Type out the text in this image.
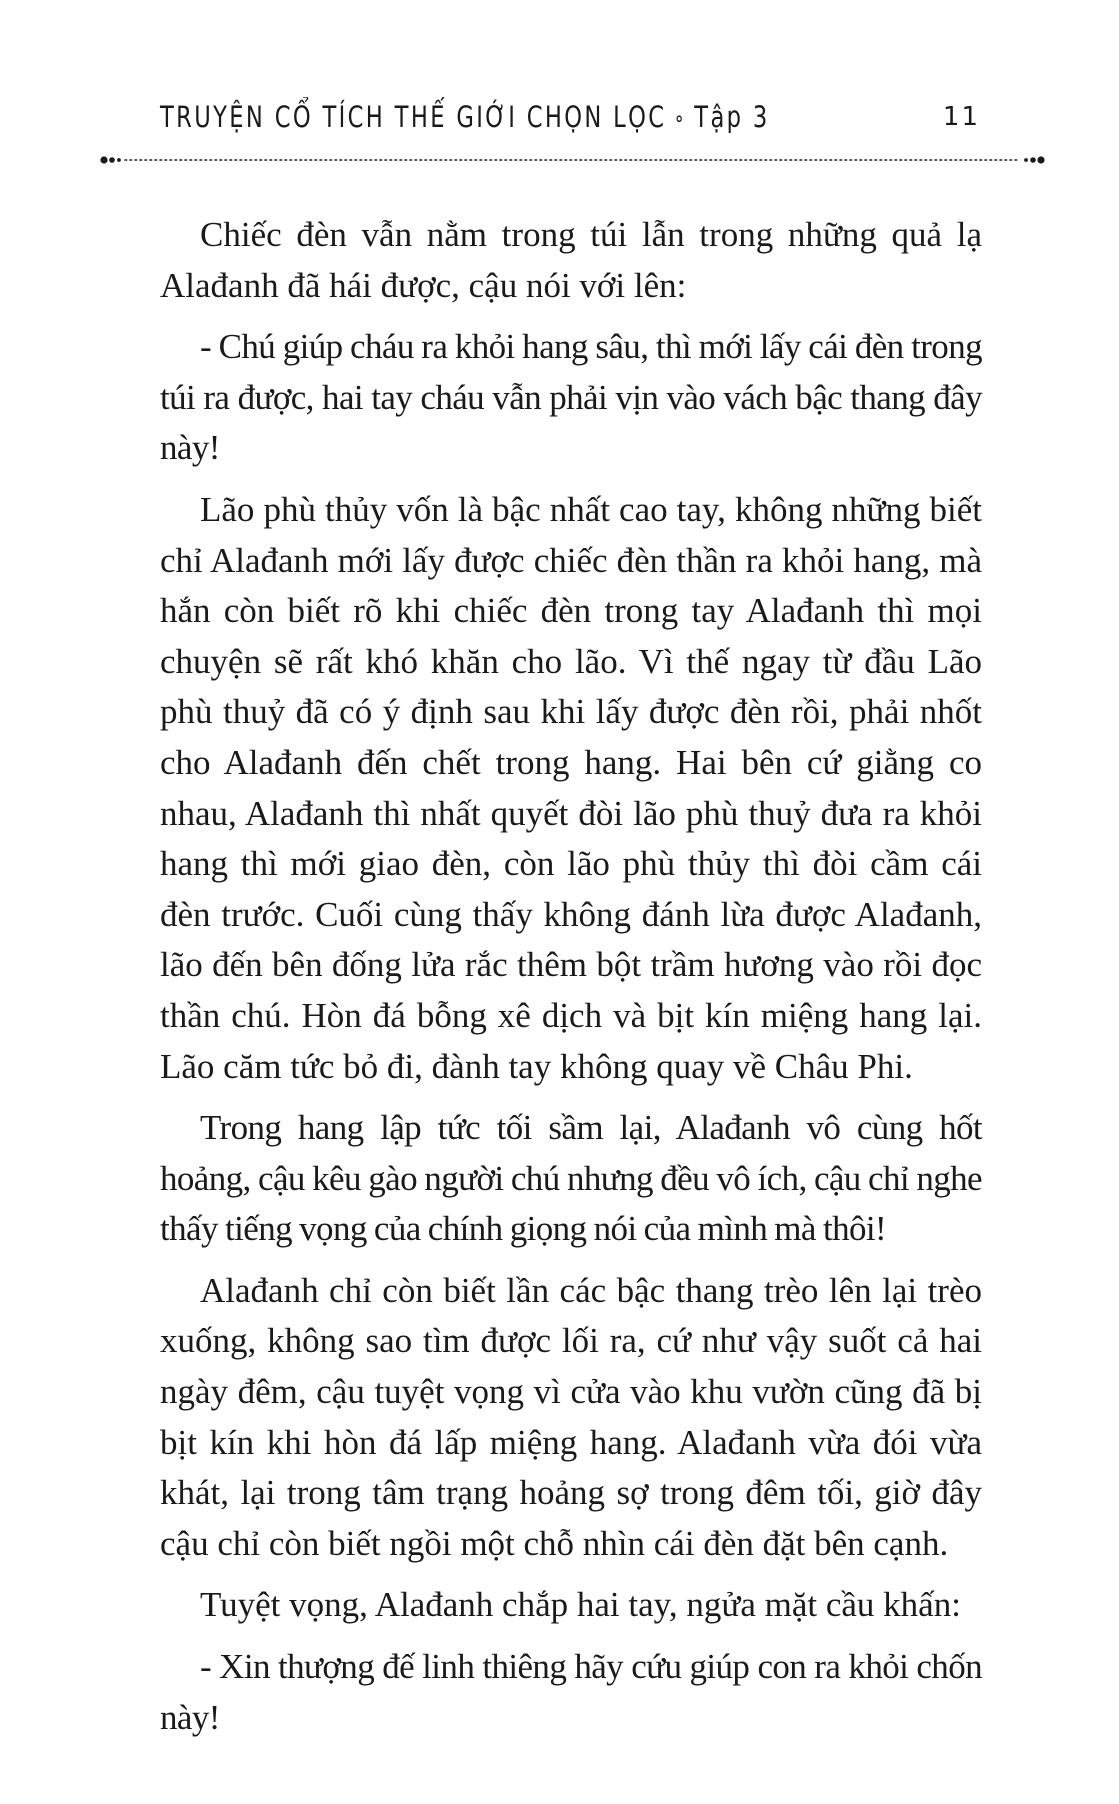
TRUYỆN CỔ TÍCH THẾ GIỚI CHỌN LỌC ⚬ Tập 3	11

Chiếc đèn vẫn nằm trong túi lẫn trong những quả lạ Alađanh đã hái được, cậu nói với lên:

- Chú giúp cháu ra khỏi hang sâu, thì mới lấy cái đèn trong túi ra được, hai tay cháu vẫn phải vịn vào vách bậc thang đây này!

Lão phù thủy vốn là bậc nhất cao tay, không những biết chỉ Alađanh mới lấy được chiếc đèn thần ra khỏi hang, mà hắn còn biết rõ khi chiếc đèn trong tay Alađanh thì mọi chuyện sẽ rất khó khăn cho lão. Vì thế ngay từ đầu Lão phù thuỷ đã có ý định sau khi lấy được đèn rồi, phải nhốt cho Alađanh đến chết trong hang. Hai bên cứ giằng co nhau, Alađanh thì nhất quyết đòi lão phù thuỷ đưa ra khỏi hang thì mới giao đèn, còn lão phù thủy thì đòi cầm cái đèn trước. Cuối cùng thấy không đánh lừa được Alađanh, lão đến bên đống lửa rắc thêm bột trầm hương vào rồi đọc thần chú. Hòn đá bỗng xê dịch và bịt kín miệng hang lại. Lão căm tức bỏ đi, đành tay không quay về Châu Phi.

Trong hang lập tức tối sầm lại, Alađanh vô cùng hốt hoảng, cậu kêu gào người chú nhưng đều vô ích, cậu chỉ nghe thấy tiếng vọng của chính giọng nói của mình mà thôi!

Alađanh chỉ còn biết lần các bậc thang trèo lên lại trèo xuống, không sao tìm được lối ra, cứ như vậy suốt cả hai ngày đêm, cậu tuyệt vọng vì cửa vào khu vườn cũng đã bị bịt kín khi hòn đá lấp miệng hang. Alađanh vừa đói vừa khát, lại trong tâm trạng hoảng sợ trong đêm tối, giờ đây cậu chỉ còn biết ngồi một chỗ nhìn cái đèn đặt bên cạnh.

Tuyệt vọng, Alađanh chắp hai tay, ngửa mặt cầu khấn:

- Xin thượng đế linh thiêng hãy cứu giúp con ra khỏi chốn này!
